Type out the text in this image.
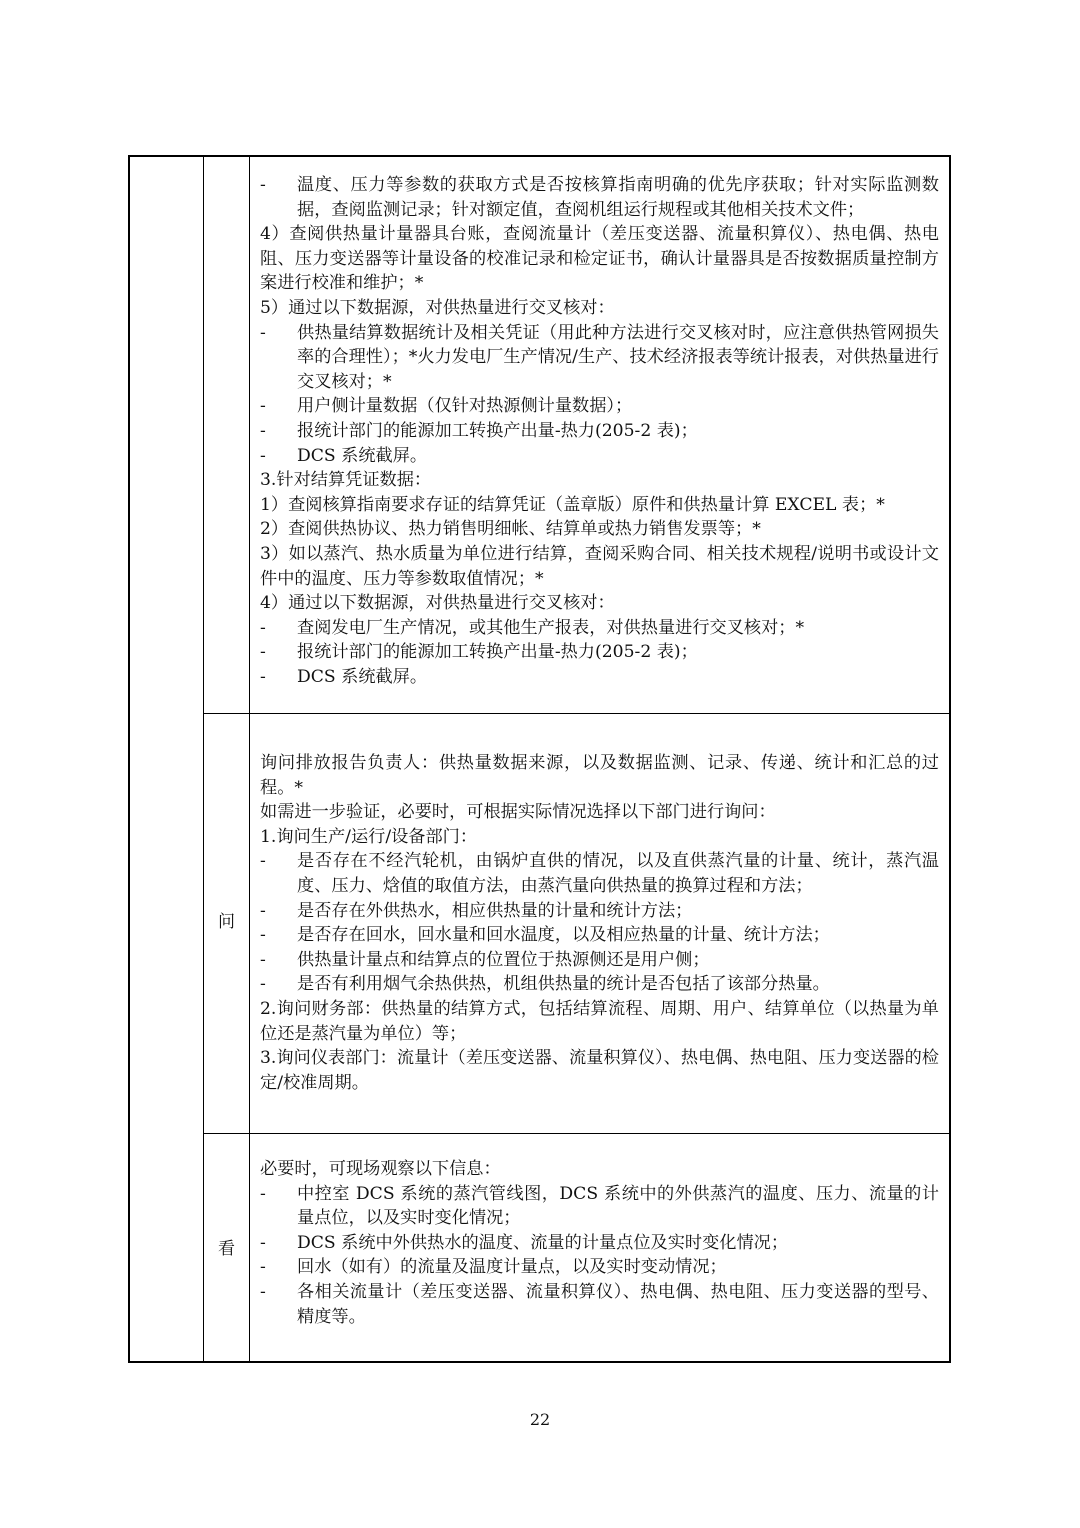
问
看
- 温度、压力等参数的获取方式是否按核算指南明确的优先序获取；针对实际监测数据，查阅监测记录；针对额定值，查阅机组运行规程或其他相关技术文件；
4）查阅供热量计量器具台账，查阅流量计（差压变送器、流量积算仪）、热电偶、热电阻、压力变送器等计量设备的校准记录和检定证书，确认计量器具是否按数据质量控制方案进行校准和维护；*
5）通过以下数据源，对供热量进行交叉核对：
- 供热量结算数据统计及相关凭证（用此种方法进行交叉核对时，应注意供热管网损失率的合理性）；*火力发电厂生产情况/生产、技术经济报表等统计报表，对供热量进行交叉核对；*
- 用户侧计量数据（仅针对热源侧计量数据）；
- 报统计部门的能源加工转换产出量-热力(205-2 表)；
- DCS 系统截屏。
3.针对结算凭证数据：
1）查阅核算指南要求存证的结算凭证（盖章版）原件和供热量计算 EXCEL 表；*
2）查阅供热协议、热力销售明细帐、结算单或热力销售发票等；*
3）如以蒸汽、热水质量为单位进行结算，查阅采购合同、相关技术规程/说明书或设计文件中的温度、压力等参数取值情况；*
4）通过以下数据源，对供热量进行交叉核对：
- 查阅发电厂生产情况，或其他生产报表，对供热量进行交叉核对；*
- 报统计部门的能源加工转换产出量-热力(205-2 表)；
- DCS 系统截屏。
询问排放报告负责人：供热量数据来源，以及数据监测、记录、传递、统计和汇总的过程。*
如需进一步验证，必要时，可根据实际情况选择以下部门进行询问：
1.询问生产/运行/设备部门：
- 是否存在不经汽轮机，由锅炉直供的情况，以及直供蒸汽量的计量、统计，蒸汽温度、压力、焓值的取值方法，由蒸汽量向供热量的换算过程和方法；
- 是否存在外供热水，相应供热量的计量和统计方法；
- 是否存在回水，回水量和回水温度，以及相应热量的计量、统计方法；
- 供热量计量点和结算点的位置位于热源侧还是用户侧；
- 是否有利用烟气余热供热，机组供热量的统计是否包括了该部分热量。
2.询问财务部：供热量的结算方式，包括结算流程、周期、用户、结算单位（以热量为单位还是蒸汽量为单位）等；
3.询问仪表部门：流量计（差压变送器、流量积算仪）、热电偶、热电阻、压力变送器的检定/校准周期。
必要时，可现场观察以下信息：
- 中控室 DCS 系统的蒸汽管线图，DCS 系统中的外供蒸汽的温度、压力、流量的计量点位，以及实时变化情况；
- DCS 系统中外供热水的温度、流量的计量点位及实时变化情况；
- 回水（如有）的流量及温度计量点，以及实时变动情况；
- 各相关流量计（差压变送器、流量积算仪）、热电偶、热电阻、压力变送器的型号、精度等。
22
